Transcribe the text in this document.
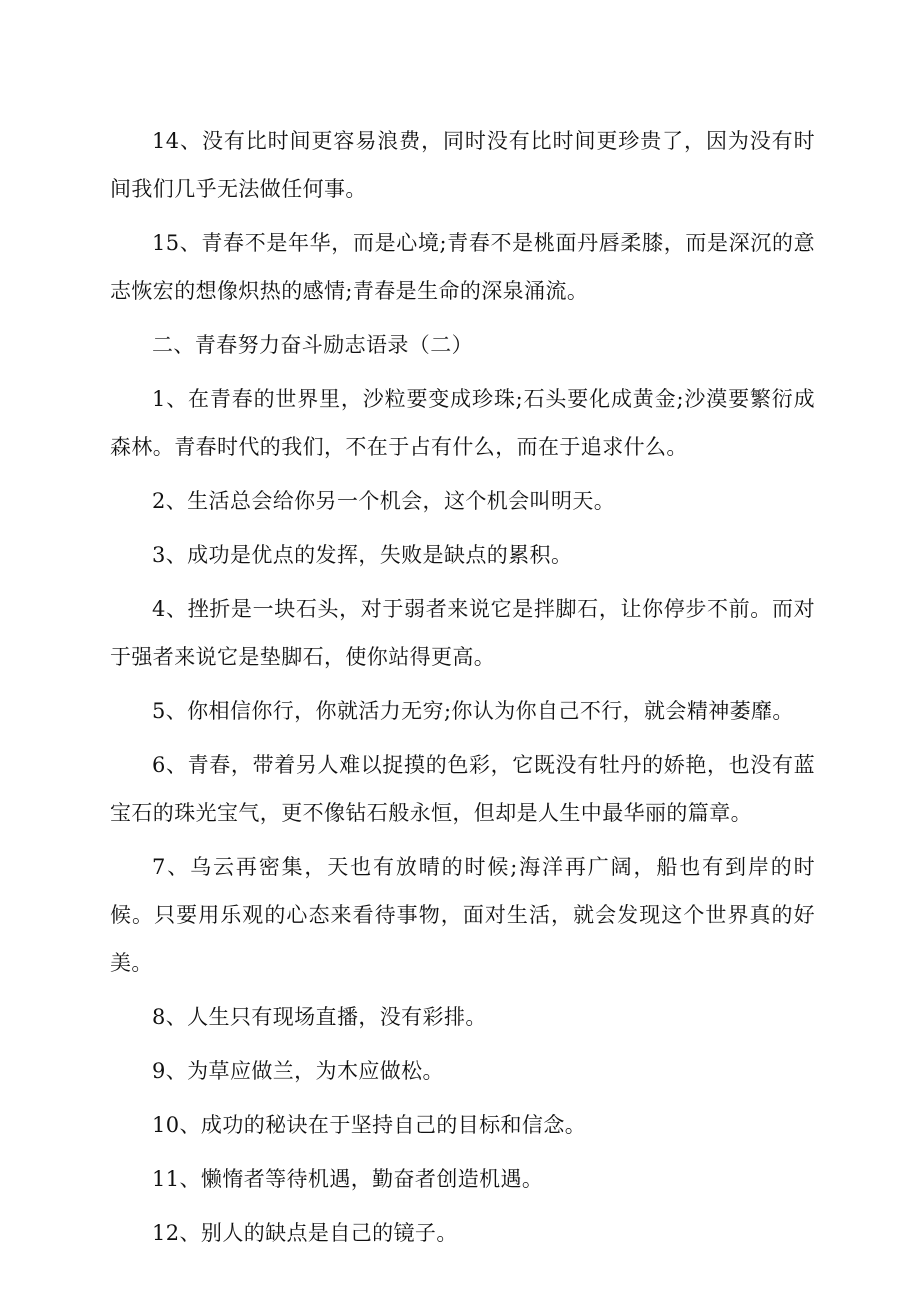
14、没有比时间更容易浪费，同时没有比时间更珍贵了，因为没有时间我们几乎无法做任何事。

15、青春不是年华，而是心境;青春不是桃面丹唇柔膝，而是深沉的意志恢宏的想像炽热的感情;青春是生命的深泉涌流。

二、青春努力奋斗励志语录（二）

1、在青春的世界里，沙粒要变成珍珠;石头要化成黄金;沙漠要繁衍成森林。青春时代的我们，不在于占有什么，而在于追求什么。

2、生活总会给你另一个机会，这个机会叫明天。

3、成功是优点的发挥，失败是缺点的累积。

4、挫折是一块石头，对于弱者来说它是拌脚石，让你停步不前。而对于强者来说它是垫脚石，使你站得更高。

5、你相信你行，你就活力无穷;你认为你自己不行，就会精神萎靡。

6、青春，带着另人难以捉摸的色彩，它既没有牡丹的娇艳，也没有蓝宝石的珠光宝气，更不像钻石般永恒，但却是人生中最华丽的篇章。

7、乌云再密集，天也有放晴的时候;海洋再广阔，船也有到岸的时候。只要用乐观的心态来看待事物，面对生活，就会发现这个世界真的好美。

8、人生只有现场直播，没有彩排。

9、为草应做兰，为木应做松。

10、成功的秘诀在于坚持自己的目标和信念。

11、懒惰者等待机遇，勤奋者创造机遇。

12、别人的缺点是自己的镜子。
